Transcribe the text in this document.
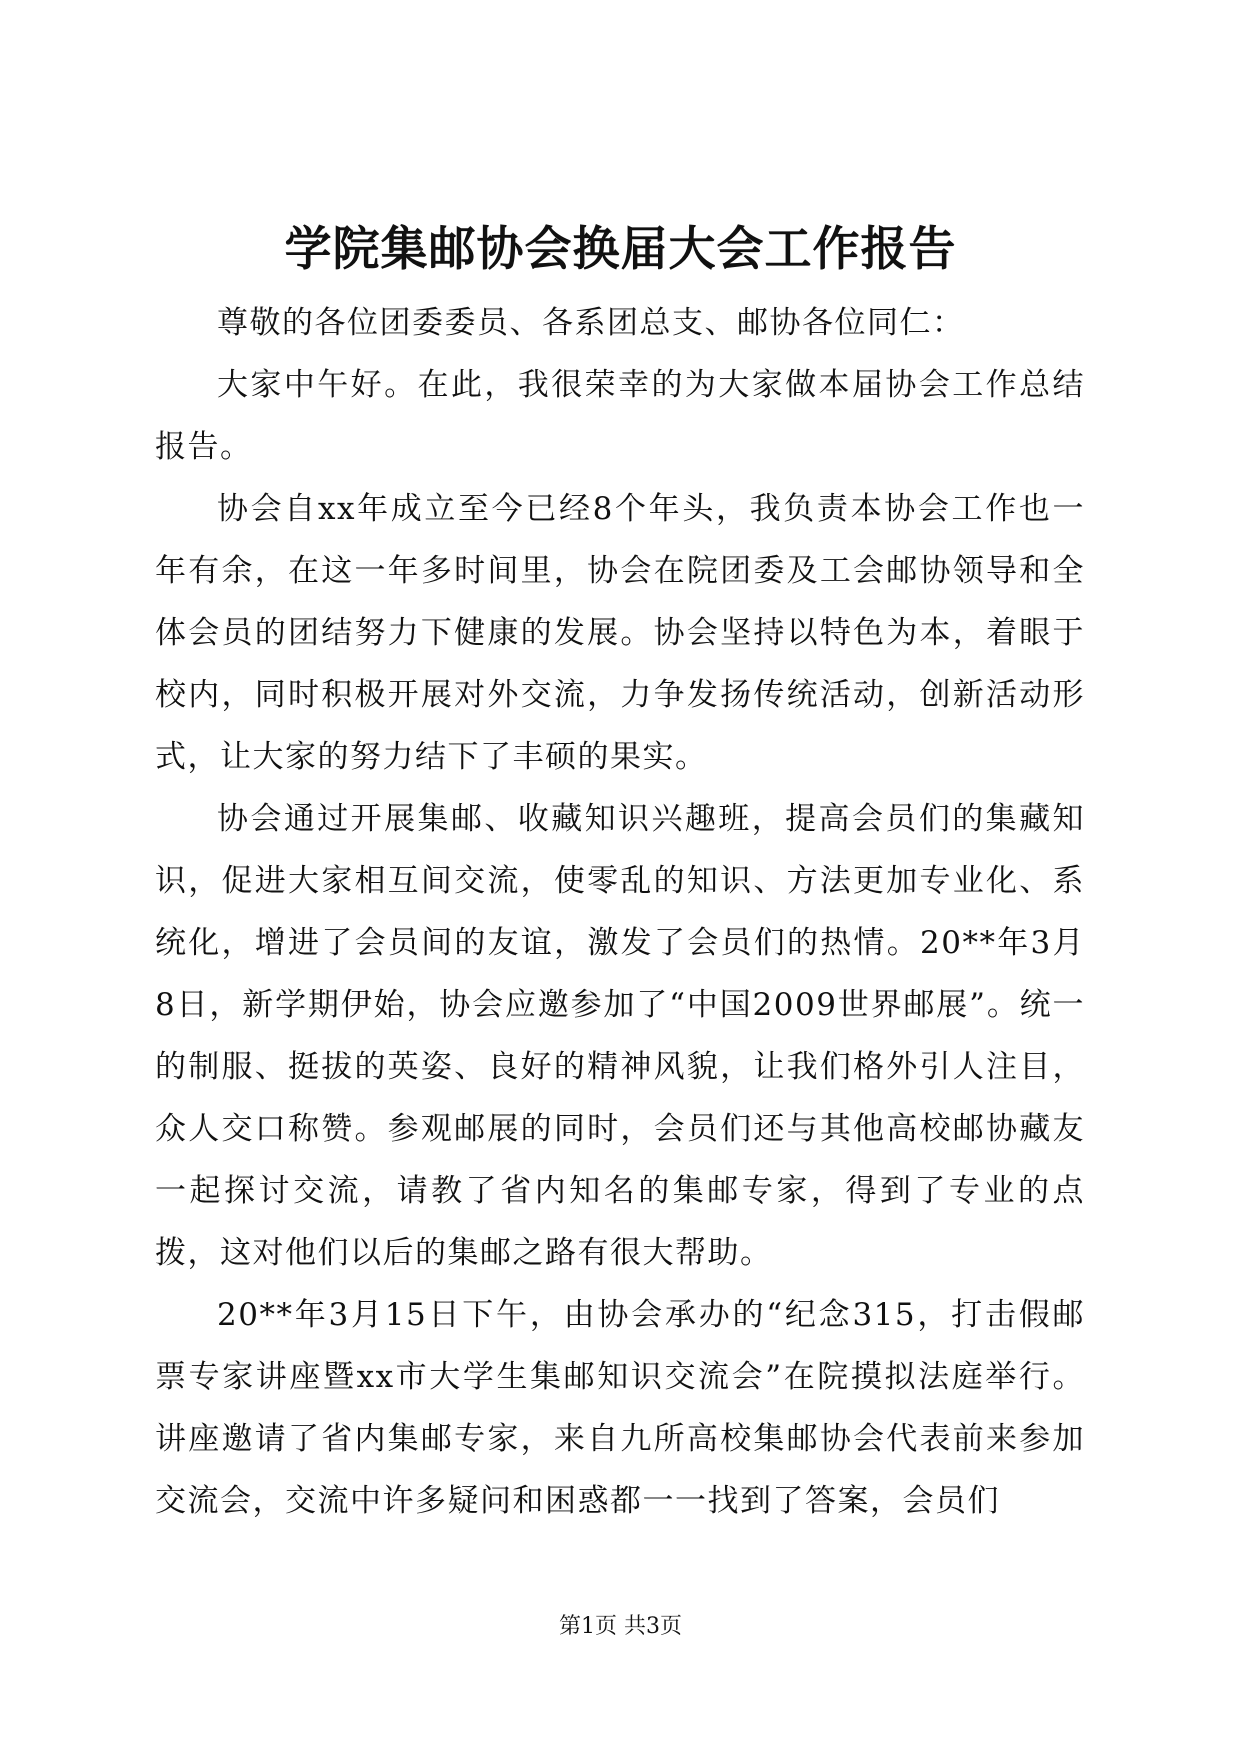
学院集邮协会换届大会工作报告

尊敬的各位团委委员、各系团总支、邮协各位同仁：

大家中午好。在此，我很荣幸的为大家做本届协会工作总结报告。

协会自xx年成立至今已经8个年头，我负责本协会工作也一年有余，在这一年多时间里，协会在院团委及工会邮协领导和全体会员的团结努力下健康的发展。协会坚持以特色为本，着眼于校内，同时积极开展对外交流，力争发扬传统活动，创新活动形式，让大家的努力结下了丰硕的果实。

协会通过开展集邮、收藏知识兴趣班，提高会员们的集藏知识，促进大家相互间交流，使零乱的知识、方法更加专业化、系统化，增进了会员间的友谊，激发了会员们的热情。20**年3月8日，新学期伊始，协会应邀参加了“中国2009世界邮展”。统一的制服、挺拔的英姿、良好的精神风貌，让我们格外引人注目，众人交口称赞。参观邮展的同时，会员们还与其他高校邮协藏友一起探讨交流，请教了省内知名的集邮专家，得到了专业的点拨，这对他们以后的集邮之路有很大帮助。

20**年3月15日下午，由协会承办的“纪念315，打击假邮票专家讲座暨xx市大学生集邮知识交流会”在院摸拟法庭举行。讲座邀请了省内集邮专家，来自九所高校集邮协会代表前来参加交流会，交流中许多疑问和困惑都一一找到了答案，会员们

第1页 共3页
